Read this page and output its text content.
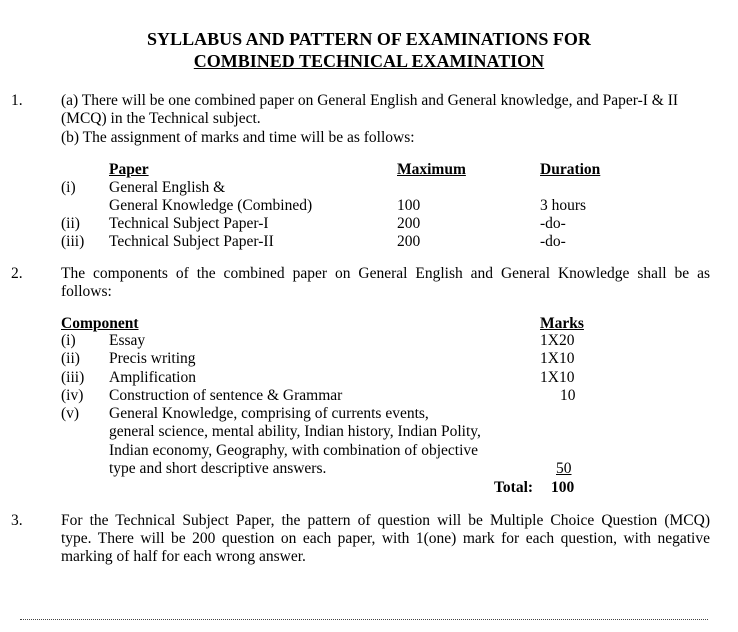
SYLLABUS AND PATTERN OF EXAMINATIONS FOR
COMBINED TECHNICAL EXAMINATION
1. (a) There will be one combined paper on General English and General knowledge, and Paper-I & II
(MCQ) in the Technical subject.
(b) The assignment of marks and time will be as follows:
Paper	Maximum	Duration
(i) General English &
General Knowledge (Combined)	100	3 hours
(ii) Technical Subject Paper-I	200	-do-
(iii) Technical Subject Paper-II	200	-do-
2. The components of the combined paper on General English and General Knowledge shall be as
follows:
Component	Marks
(i) Essay	1X20
(ii) Precis writing	1X10
(iii) Amplification	1X10
(iv) Construction of sentence & Grammar	10
(v) General Knowledge, comprising of currents events,
general science, mental ability, Indian history, Indian Polity,
Indian economy, Geography, with combination of objective
type and short descriptive answers.	50
Total: 100
3. For the Technical Subject Paper, the pattern of question will be Multiple Choice Question (MCQ)
type. There will be 200 question on each paper, with 1(one) mark for each question, with negative
marking of half for each wrong answer.
